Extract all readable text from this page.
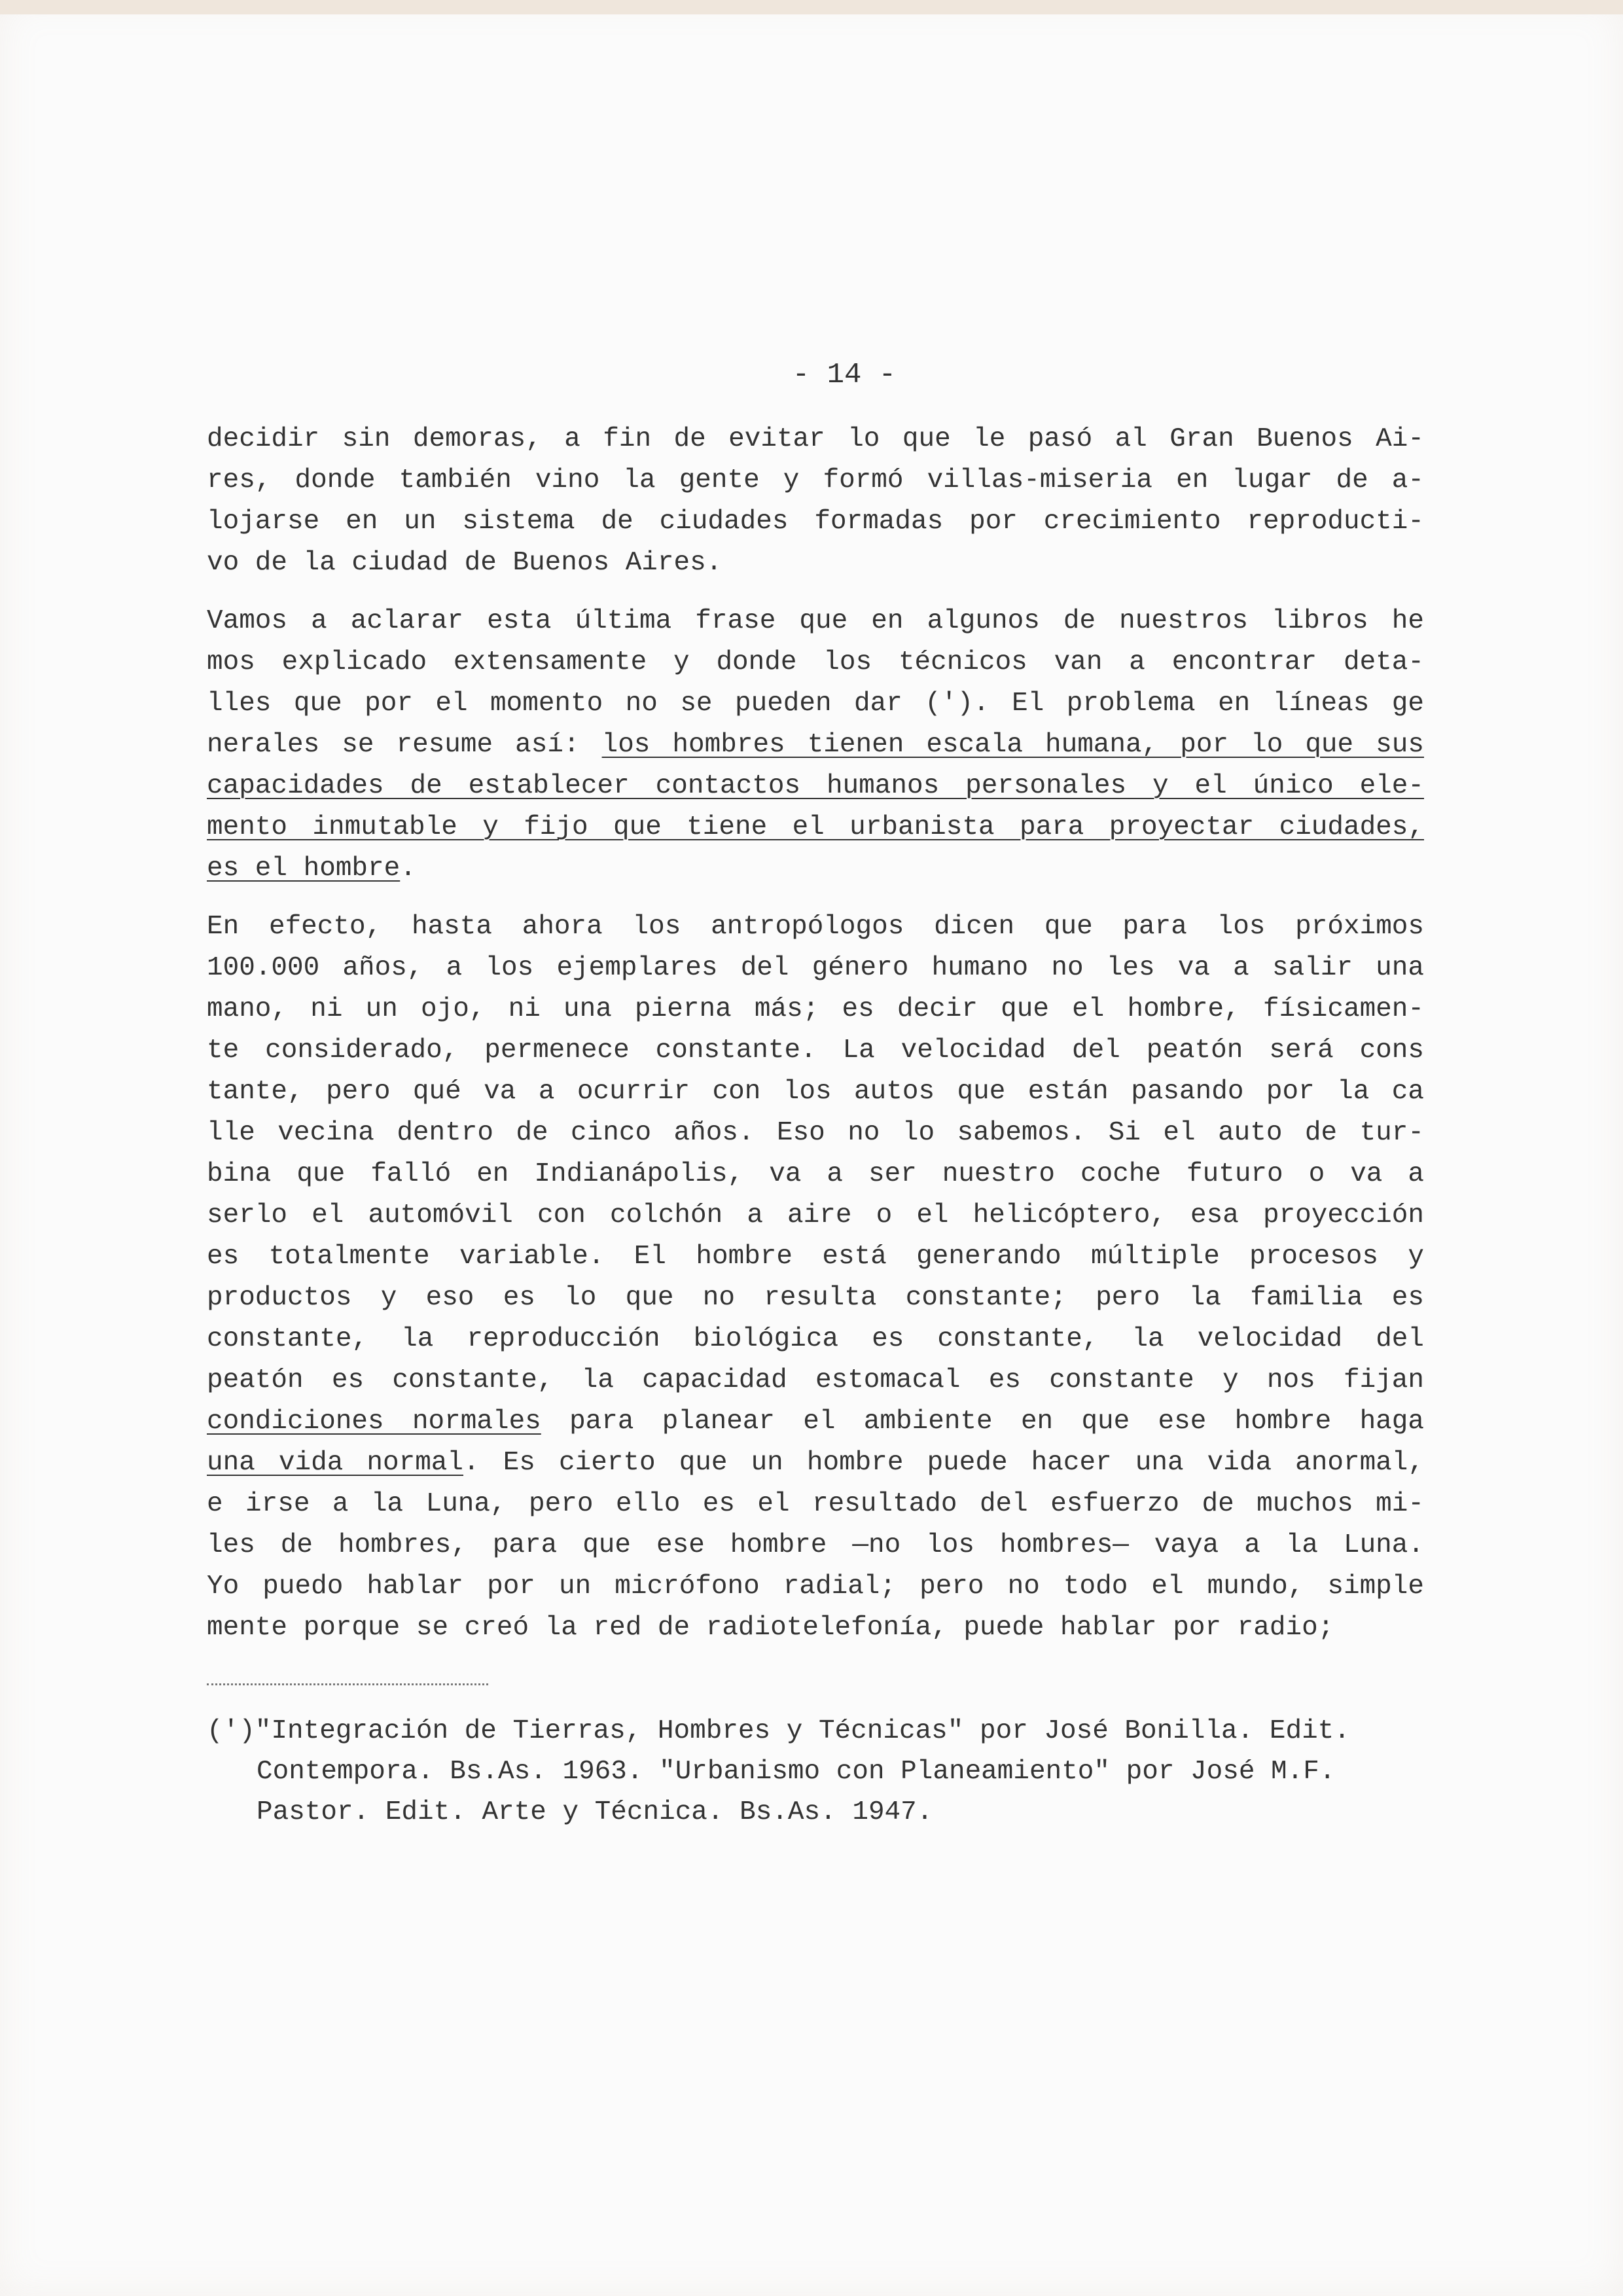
- 14 -
decidir sin demoras, a fin de evitar lo que le pasó al Gran Buenos Ai-
res, donde también vino la gente y formó villas-miseria en lugar de a-
lojarse en un sistema de ciudades formadas por crecimiento reproducti-
vo de la ciudad de Buenos Aires.
Vamos a aclarar esta última frase que en algunos de nuestros libros he
mos explicado extensamente y donde los técnicos van a encontrar deta-
lles que por el momento no se pueden dar ('). El problema en líneas ge
nerales se resume así: los hombres tienen escala humana, por lo que sus
capacidades de establecer contactos humanos personales y el único ele-
mento inmutable y fijo que tiene el urbanista para proyectar ciudades,
es el hombre.
En efecto, hasta ahora los antropólogos dicen que para los próximos
100.000 años, a los ejemplares del género humano no les va a salir una
mano, ni un ojo, ni una pierna más; es decir que el hombre, físicamen-
te considerado, permenece constante. La velocidad del peatón será cons
tante, pero qué va a ocurrir con los autos que están pasando por la ca
lle vecina dentro de cinco años. Eso no lo sabemos. Si el auto de tur-
bina que falló en Indianápolis, va a ser nuestro coche futuro o va a
serlo el automóvil con colchón a aire o el helicóptero, esa proyección
es totalmente variable. El hombre está generando múltiple procesos y
productos y eso es lo que no resulta constante; pero la familia es
constante, la reproducción biológica es constante, la velocidad del
peatón es constante, la capacidad estomacal es constante y nos fijan
condiciones normales para planear el ambiente en que ese hombre haga
una vida normal. Es cierto que un hombre puede hacer una vida anormal,
e irse a la Luna, pero ello es el resultado del esfuerzo de muchos mi-
les de hombres, para que ese hombre —no los hombres— vaya a la Luna.
Yo puedo hablar por un micrófono radial; pero no todo el mundo, simple
mente porque se creó la red de radiotelefonía, puede hablar por radio;
(')"Integración de Tierras, Hombres y Técnicas" por José Bonilla. Edit.
Contempora. Bs.As. 1963. "Urbanismo con Planeamiento" por José M.F.
Pastor. Edit. Arte y Técnica. Bs.As. 1947.
